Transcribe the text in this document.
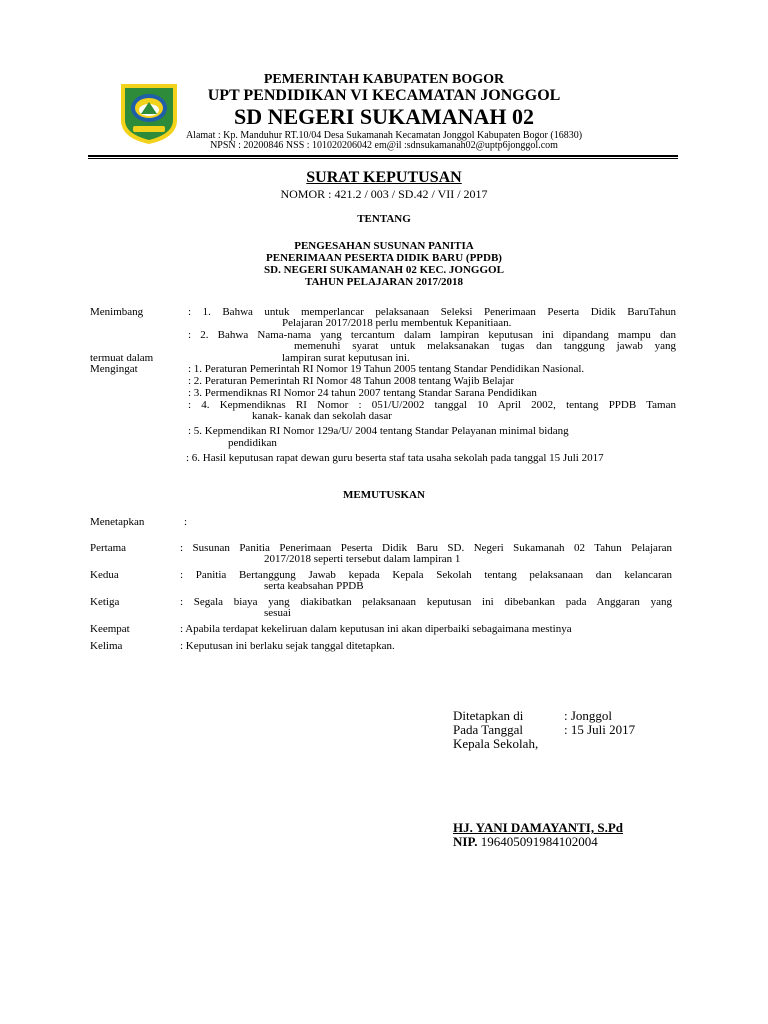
PEMERINTAH KABUPATEN BOGOR
UPT PENDIDIKAN VI KECAMATAN JONGGOL
SD NEGERI SUKAMANAH 02
Alamat : Kp. Manduhur RT.10/04 Desa Sukamanah Kecamatan Jonggol Kabupaten Bogor (16830)
NPSN : 20200846 NSS : 101020206042 em@il :sdnsukamanah02@uptp6jonggol.com
SURAT KEPUTUSAN
NOMOR : 421.2 / 003 / SD.42 / VII / 2017
TENTANG
PENGESAHAN SUSUNAN PANITIA
PENERIMAAN PESERTA DIDIK BARU (PPDB)
SD. NEGERI SUKAMANAH 02 KEC. JONGGOL
TAHUN PELAJARAN 2017/2018
Menimbang	: 1. Bahwa untuk memperlancar pelaksanaan Seleksi Penerimaan Peserta Didik BaruTahun
Pelajaran 2017/2018 perlu membentuk Kepanitiaan.
: 2. Bahwa Nama-nama yang tercantum dalam lampiran keputusan ini dipandang mampu dan
memenuhi syarat untuk melaksanakan tugas dan tanggung jawab yang
termuat dalam	lampiran surat keputusan ini.
Mengingat	: 1. Peraturan Pemerintah RI Nomor 19 Tahun 2005 tentang Standar Pendidikan Nasional.
: 2. Peraturan Pemerintah RI Nomor 48 Tahun 2008 tentang Wajib Belajar
: 3. Permendiknas RI Nomor 24 tahun 2007 tentang Standar Sarana Pendidikan
: 4. Kepmendiknas RI Nomor : 051/U/2002 tanggal 10 April 2002, tentang PPDB Taman
kanak- kanak dan sekolah dasar
: 5. Kepmendikan RI Nomor 129a/U/ 2004 tentang Standar Pelayanan minimal bidang
pendidikan
: 6. Hasil keputusan rapat dewan guru beserta staf tata usaha sekolah pada tanggal 15 Juli 2017
MEMUTUSKAN
Menetapkan	:
Pertama	: Susunan Panitia Penerimaan Peserta Didik Baru SD. Negeri Sukamanah 02 Tahun Pelajaran
2017/2018 seperti tersebut dalam lampiran 1
Kedua	: Panitia Bertanggung Jawab kepada Kepala Sekolah tentang pelaksanaan dan kelancaran
serta keabsahan PPDB
Ketiga	: Segala biaya yang diakibatkan pelaksanaan keputusan ini dibebankan pada Anggaran yang
sesuai
Keempat	: Apabila terdapat kekeliruan dalam keputusan ini akan diperbaiki sebagaimana mestinya
Kelima	: Keputusan ini berlaku sejak tanggal ditetapkan.
Ditetapkan di	: Jonggol
Pada Tanggal	: 15 Juli 2017
Kepala Sekolah,
HJ. YANI DAMAYANTI, S.Pd
NIP. 196405091984102004
